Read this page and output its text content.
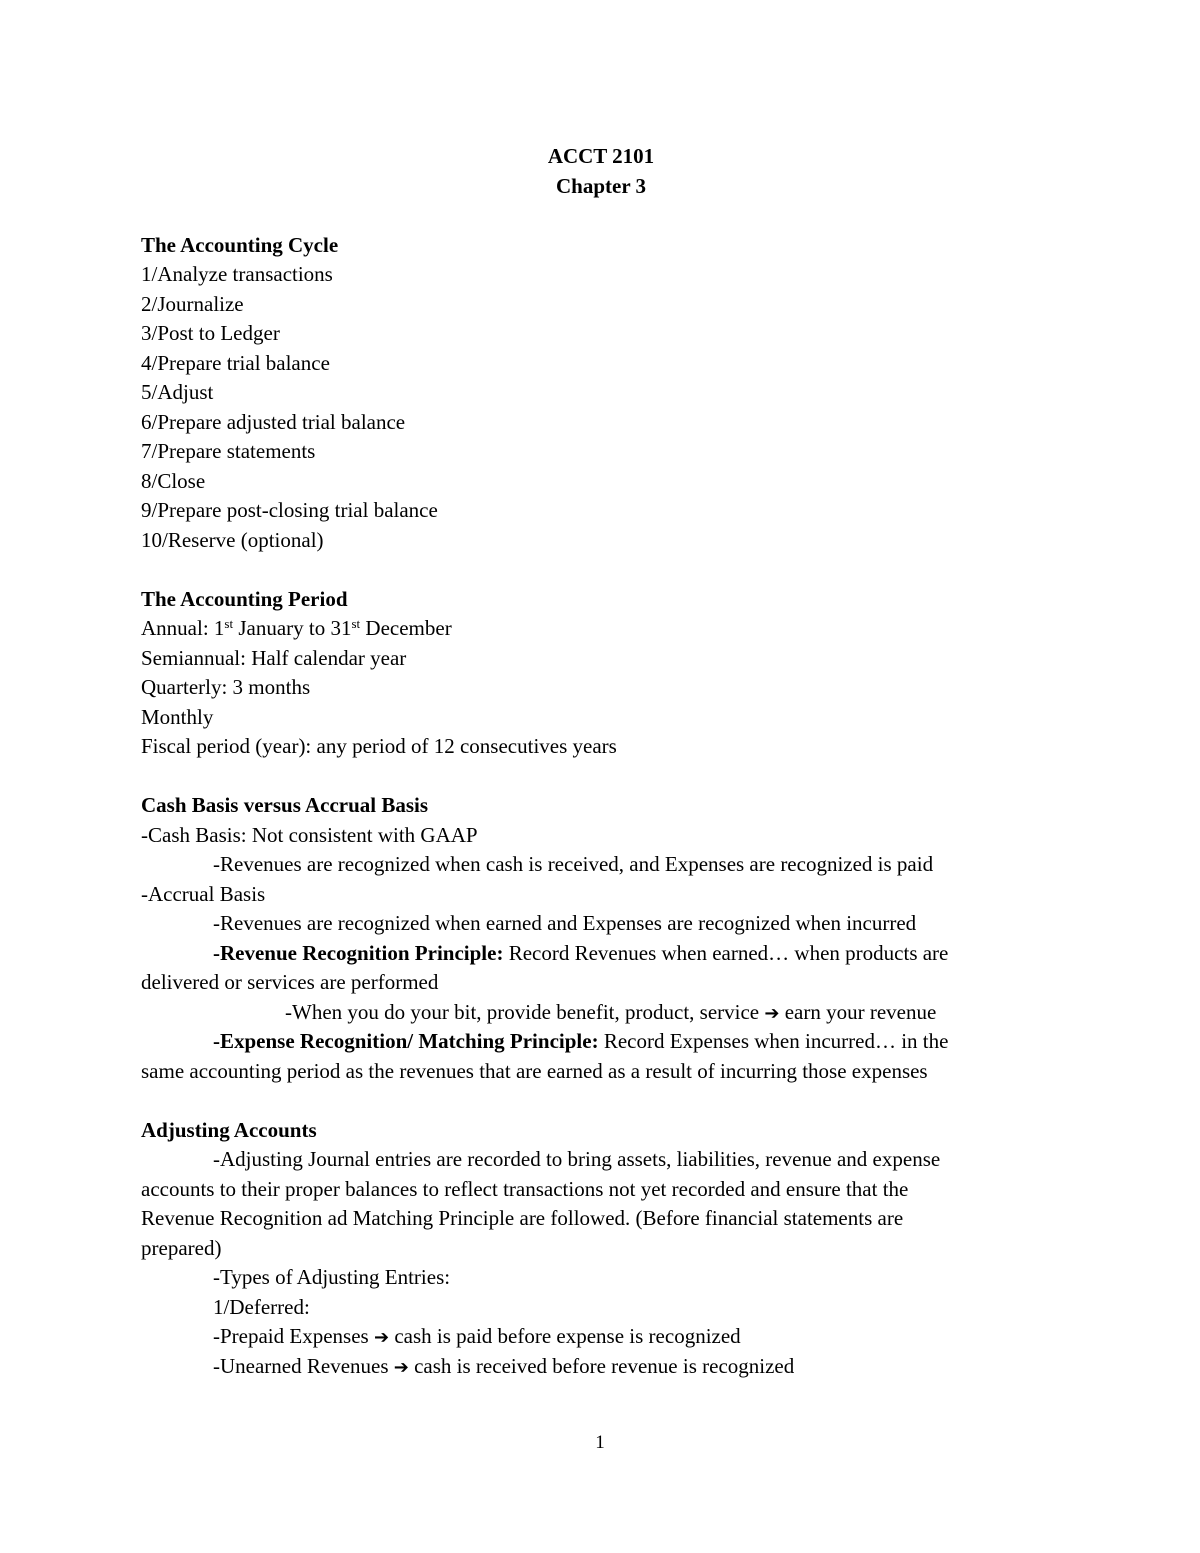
ACCT 2101
Chapter 3
The Accounting Cycle
1/Analyze transactions
2/Journalize
3/Post to Ledger
4/Prepare trial balance
5/Adjust
6/Prepare adjusted trial balance
7/Prepare statements
8/Close
9/Prepare post-closing trial balance
10/Reserve (optional)
The Accounting Period
Annual: 1st January to 31st December
Semiannual: Half calendar year
Quarterly: 3 months
Monthly
Fiscal period (year): any period of 12 consecutives years
Cash Basis versus Accrual Basis
-Cash Basis: Not consistent with GAAP
-Revenues are recognized when cash is received, and Expenses are recognized is paid
-Accrual Basis
-Revenues are recognized when earned and Expenses are recognized when incurred
-Revenue Recognition Principle: Record Revenues when earned… when products are
delivered or services are performed
-When you do your bit, provide benefit, product, service ➔ earn your revenue
-Expense Recognition/ Matching Principle: Record Expenses when incurred… in the
same accounting period as the revenues that are earned as a result of incurring those expenses
Adjusting Accounts
-Adjusting Journal entries are recorded to bring assets, liabilities, revenue and expense
accounts to their proper balances to reflect transactions not yet recorded and ensure that the
Revenue Recognition ad Matching Principle are followed. (Before financial statements are
prepared)
-Types of Adjusting Entries:
1/Deferred:
-Prepaid Expenses ➔ cash is paid before expense is recognized
-Unearned Revenues ➔ cash is received before revenue is recognized
1
